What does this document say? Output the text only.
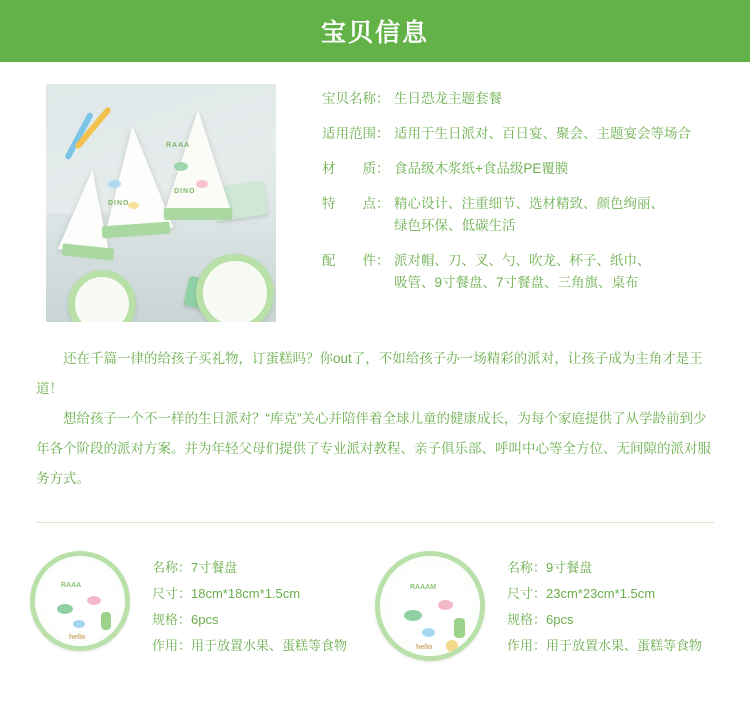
宝贝信息
RAAA
DINO
DINO
宝贝名称： 生日恐龙主题套餐
适用范围： 适用于生日派对、百日宴、聚会、主题宴会等场合
材　　质： 食品级木浆纸+食品级PE覆膜
特　　点： 精心设计、注重细节、选材精致、颜色绚丽、
绿色环保、低碳生活
配　　件： 派对帽、刀、叉、勺、吹龙、杯子、纸巾、
吸管、9寸餐盘、7寸餐盘、三角旗、桌布

还在千篇一律的给孩子买礼物，订蛋糕吗？你out了，不如给孩子办一场精彩的派对，让孩子成为主角才是王道！

想给孩子一个不一样的生日派对？“库克”关心并陪伴着全球儿童的健康成长，为每个家庭提供了从学龄前到少年各个阶段的派对方案。并为年轻父母们提供了专业派对教程、亲子俱乐部、呼叫中心等全方位、无间隙的派对服务方式。

RAAA
hello
名称：7寸餐盘
尺寸：18cm*18cm*1.5cm
规格：6pcs
作用：用于放置水果、蛋糕等食物
RAAAM
hello
名称：9寸餐盘
尺寸：23cm*23cm*1.5cm
规格：6pcs
作用：用于放置水果、蛋糕等食物
